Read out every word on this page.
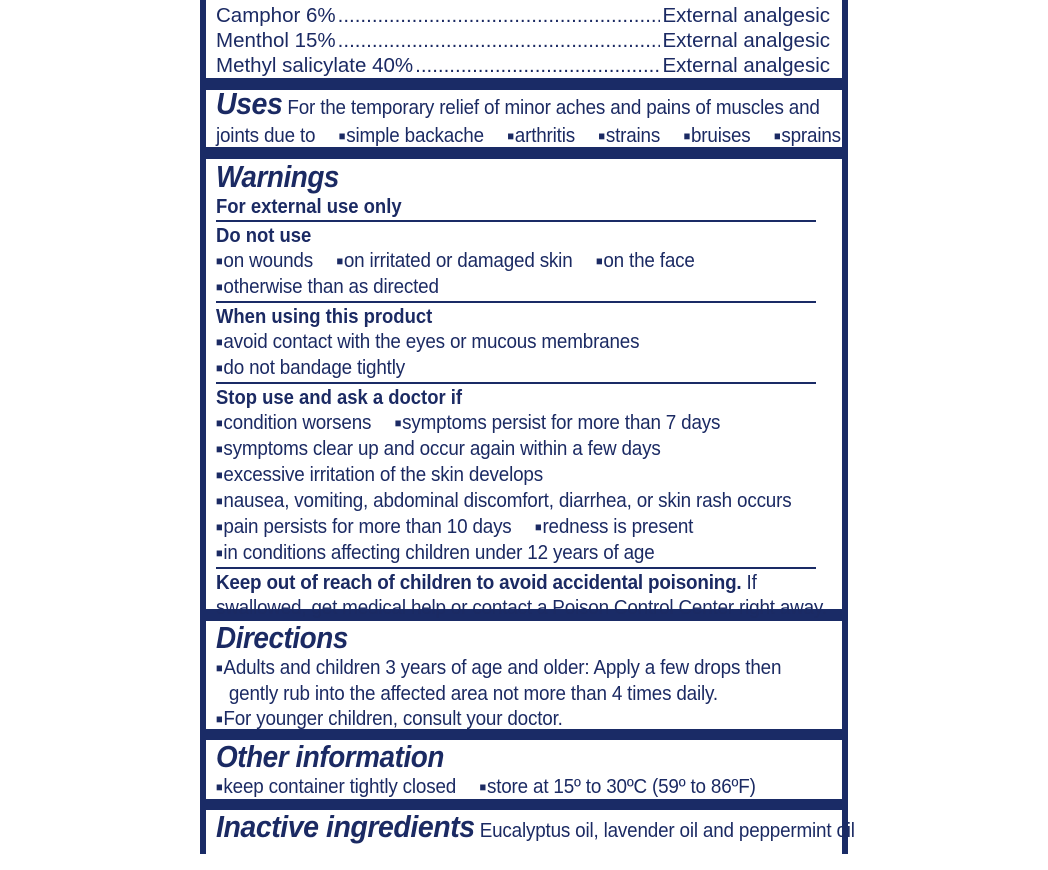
Camphor 6% .....	External analgesic
Menthol 15% .....	External analgesic
Methyl salicylate 40% .....	External analgesic
Uses For the temporary relief of minor aches and pains of muscles and
joints due to ■ simple backache ■ arthritis ■ strains ■ bruises ■ sprains
Warnings
For external use only
Do not use
■ on wounds ■ on irritated or damaged skin ■ on the face
■ otherwise than as directed
When using this product
■ avoid contact with the eyes or mucous membranes
■ do not bandage tightly
Stop use and ask a doctor if
■ condition worsens ■ symptoms persist for more than 7 days
■ symptoms clear up and occur again within a few days
■ excessive irritation of the skin develops
■ nausea, vomiting, abdominal discomfort, diarrhea, or skin rash occurs
■ pain persists for more than 10 days ■ redness is present
■ in conditions affecting children under 12 years of age
Keep out of reach of children to avoid accidental poisoning. If
swallowed, get medical help or contact a Poison Control Center right away.
Directions
■ Adults and children 3 years of age and older: Apply a few drops then
gently rub into the affected area not more than 4 times daily.
■ For younger children, consult your doctor.
Other information
■ keep container tightly closed ■ store at 15º to 30ºC (59º to 86ºF)
Inactive ingredients Eucalyptus oil, lavender oil and peppermint oil
